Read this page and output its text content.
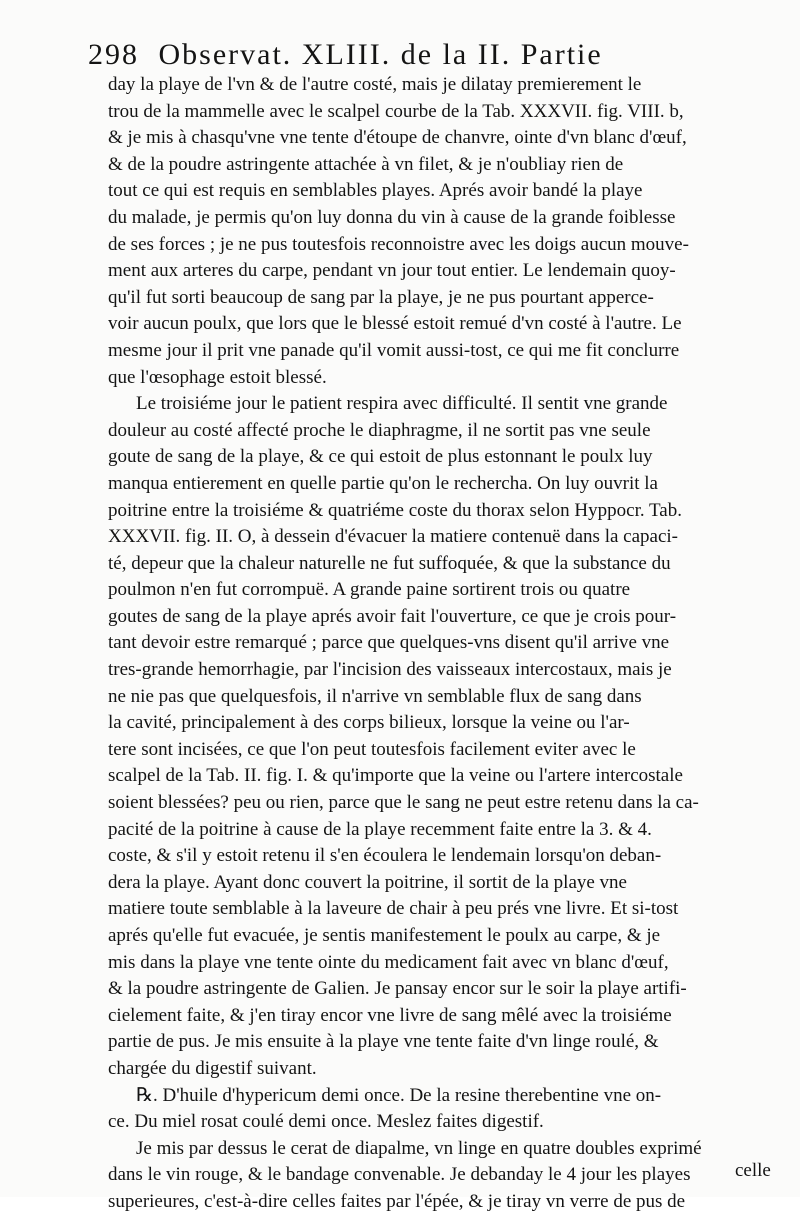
298 Observat. XLIII. de la II. Partie
day la playe de l'vn & de l'autre costé, mais je dilatay premierement le
trou de la mammelle avec le scalpel courbe de la Tab. XXXVII. fig. VIII. b,
& je mis à chasqu'vne vne tente d'étoupe de chanvre, ointe d'vn blanc d'œuf,
& de la poudre astringente attachée à vn filet, & je n'oubliay rien de
tout ce qui est requis en semblables playes. Aprés avoir bandé la playe
du malade, je permis qu'on luy donna du vin à cause de la grande foiblesse
de ses forces ; je ne pus toutesfois reconnoistre avec les doigs aucun mouve-
ment aux arteres du carpe, pendant vn jour tout entier. Le lendemain quoy-
qu'il fut sorti beaucoup de sang par la playe, je ne pus pourtant apperce-
voir aucun poulx, que lors que le blessé estoit remué d'vn costé à l'autre. Le
mesme jour il prit vne panade qu'il vomit aussi-tost, ce qui me fit conclurre
que l'œsophage estoit blessé.
Le troisiéme jour le patient respira avec difficulté. Il sentit vne grande
douleur au costé affecté proche le diaphragme, il ne sortit pas vne seule
goute de sang de la playe, & ce qui estoit de plus estonnant le poulx luy
manqua entierement en quelle partie qu'on le rechercha. On luy ouvrit la
poitrine entre la troisiéme & quatriéme coste du thorax selon Hyppocr. Tab.
XXXVII. fig. II. O, à dessein d'évacuer la matiere contenuë dans la capaci-
té, depeur que la chaleur naturelle ne fut suffoquée, & que la substance du
poulmon n'en fut corrompuë. A grande paine sortirent trois ou quatre
goutes de sang de la playe aprés avoir fait l'ouverture, ce que je crois pour-
tant devoir estre remarqué ; parce que quelques-vns disent qu'il arrive vne
tres-grande hemorrhagie, par l'incision des vaisseaux intercostaux, mais je
ne nie pas que quelquesfois, il n'arrive vn semblable flux de sang dans
la cavité, principalement à des corps bilieux, lorsque la veine ou l'ar-
tere sont incisées, ce que l'on peut toutesfois facilement eviter avec le
scalpel de la Tab. II. fig. I. & qu'importe que la veine ou l'artere intercostale
soient blessées? peu ou rien, parce que le sang ne peut estre retenu dans la ca-
pacité de la poitrine à cause de la playe recemment faite entre la 3. & 4.
coste, & s'il y estoit retenu il s'en écoulera le lendemain lorsqu'on deban-
dera la playe. Ayant donc couvert la poitrine, il sortit de la playe vne
matiere toute semblable à la laveure de chair à peu prés vne livre. Et si-tost
aprés qu'elle fut evacuée, je sentis manifestement le poulx au carpe, & je
mis dans la playe vne tente ointe du medicament fait avec vn blanc d'œuf,
& la poudre astringente de Galien. Je pansay encor sur le soir la playe artifi-
cielement faite, & j'en tiray encor vne livre de sang mêlé avec la troisiéme
partie de pus. Je mis ensuite à la playe vne tente faite d'vn linge roulé, &
chargée du digestif suivant.
℞. D'huile d'hypericum demi once. De la resine therebentine vne on-
ce. Du miel rosat coulé demi once. Meslez faites digestif.
Je mis par dessus le cerat de diapalme, vn linge en quatre doubles exprimé
dans le vin rouge, & le bandage convenable. Je debanday le 4 jour les playes
superieures, c'est-à-dire celles faites par l'épée, & je tiray vn verre de pus de
celle
